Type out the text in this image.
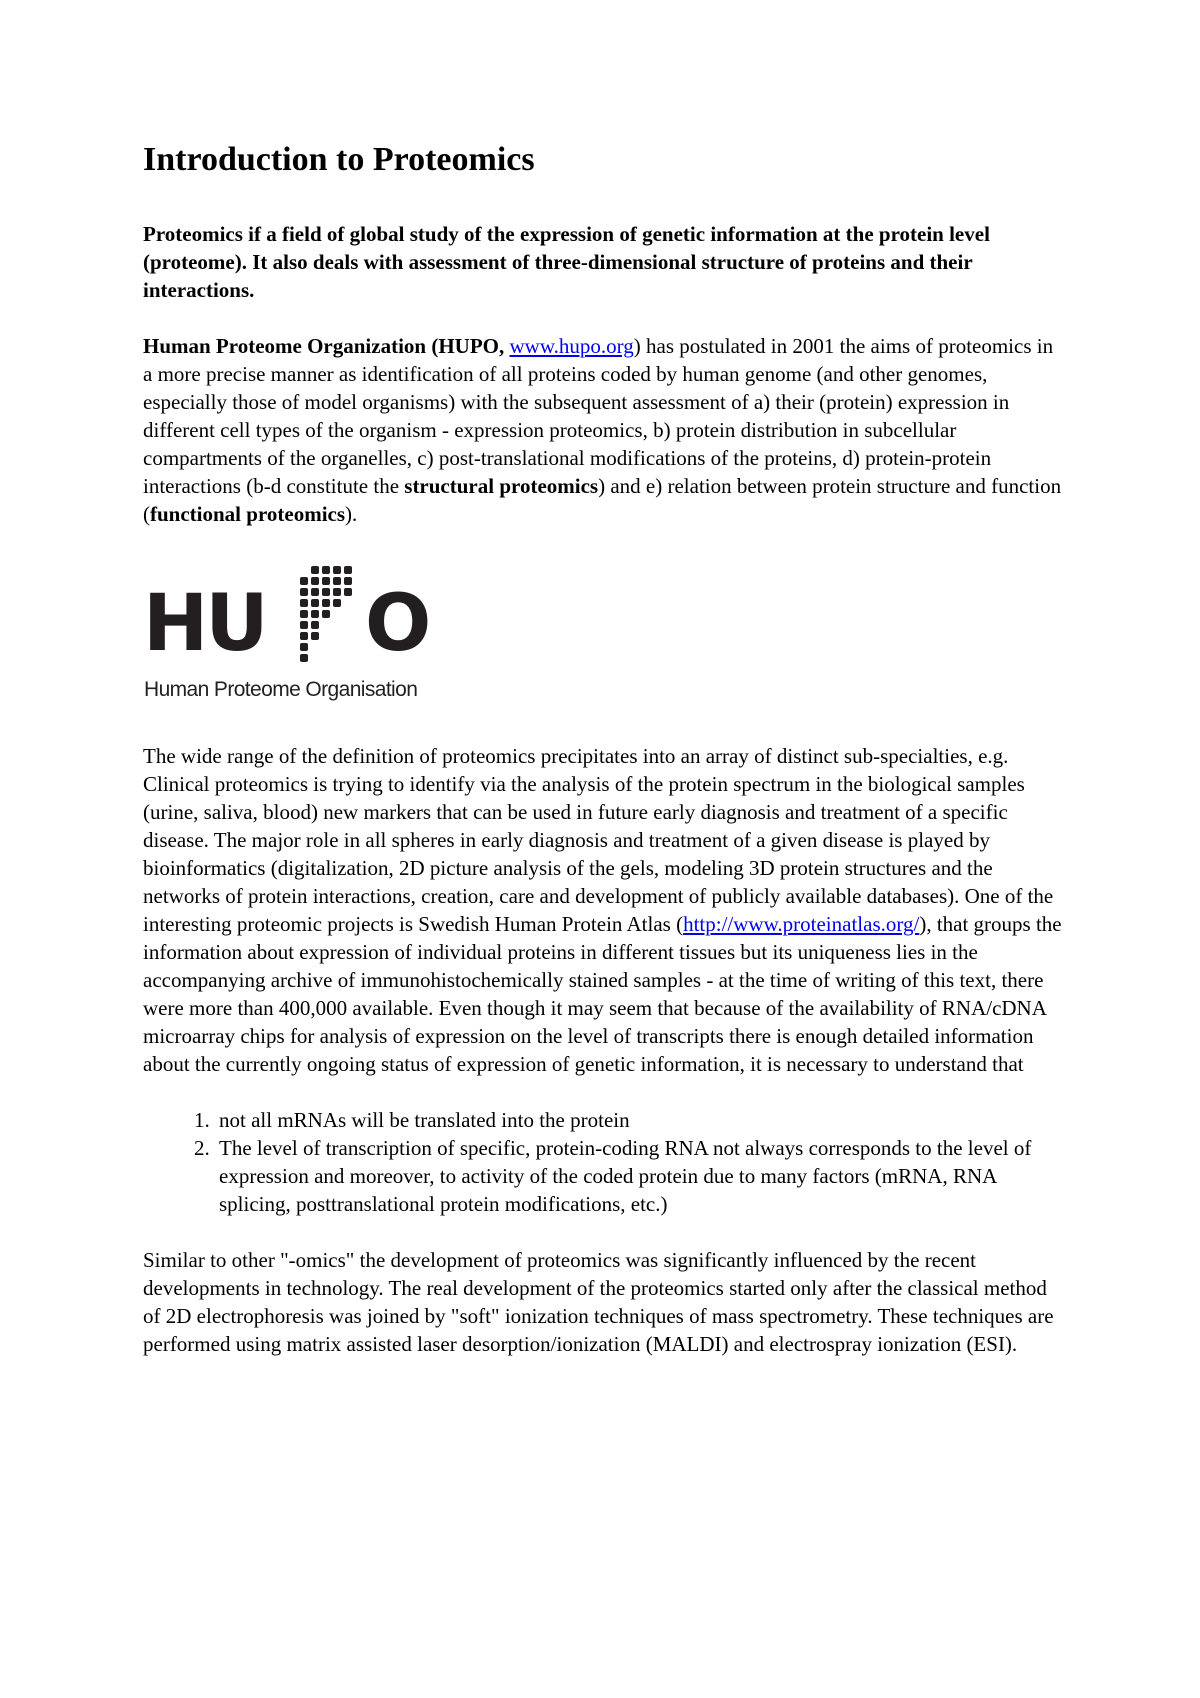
Introduction to Proteomics

Proteomics if a field of global study of the expression of genetic information at the protein level (proteome). It also deals with assessment of three-dimensional structure of proteins and their interactions.

Human Proteome Organization (HUPO, www.hupo.org) has postulated in 2001 the aims of proteomics in a more precise manner as identification of all proteins coded by human genome (and other genomes, especially those of model organisms) with the subsequent assessment of a) their (protein) expression in different cell types of the organism - expression proteomics, b) protein distribution in subcellular compartments of the organelles, c) post-translational modifications of the proteins, d) protein-protein interactions (b-d constitute the structural proteomics) and e) relation between protein structure and function (functional proteomics).

HU O
Human Proteome Organisation

The wide range of the definition of proteomics precipitates into an array of distinct sub-specialties, e.g. Clinical proteomics is trying to identify via the analysis of the protein spectrum in the biological samples (urine, saliva, blood) new markers that can be used in future early diagnosis and treatment of a specific disease. The major role in all spheres in early diagnosis and treatment of a given disease is played by bioinformatics (digitalization, 2D picture analysis of the gels, modeling 3D protein structures and the networks of protein interactions, creation, care and development of publicly available databases). One of the interesting proteomic projects is Swedish Human Protein Atlas (http://www.proteinatlas.org/), that groups the information about expression of individual proteins in different tissues but its uniqueness lies in the accompanying archive of immunohistochemically stained samples - at the time of writing of this text, there were more than 400,000 available. Even though it may seem that because of the availability of RNA/cDNA microarray chips for analysis of expression on the level of transcripts there is enough detailed information about the currently ongoing status of expression of genetic information, it is necessary to understand that

1. not all mRNAs will be translated into the protein
2. The level of transcription of specific, protein-coding RNA not always corresponds to the level of expression and moreover, to activity of the coded protein due to many factors (mRNA, RNA splicing, posttranslational protein modifications, etc.)

Similar to other "-omics" the development of proteomics was significantly influenced by the recent developments in technology. The real development of the proteomics started only after the classical method of 2D electrophoresis was joined by "soft" ionization techniques of mass spectrometry. These techniques are performed using matrix assisted laser desorption/ionization (MALDI) and electrospray ionization (ESI).
